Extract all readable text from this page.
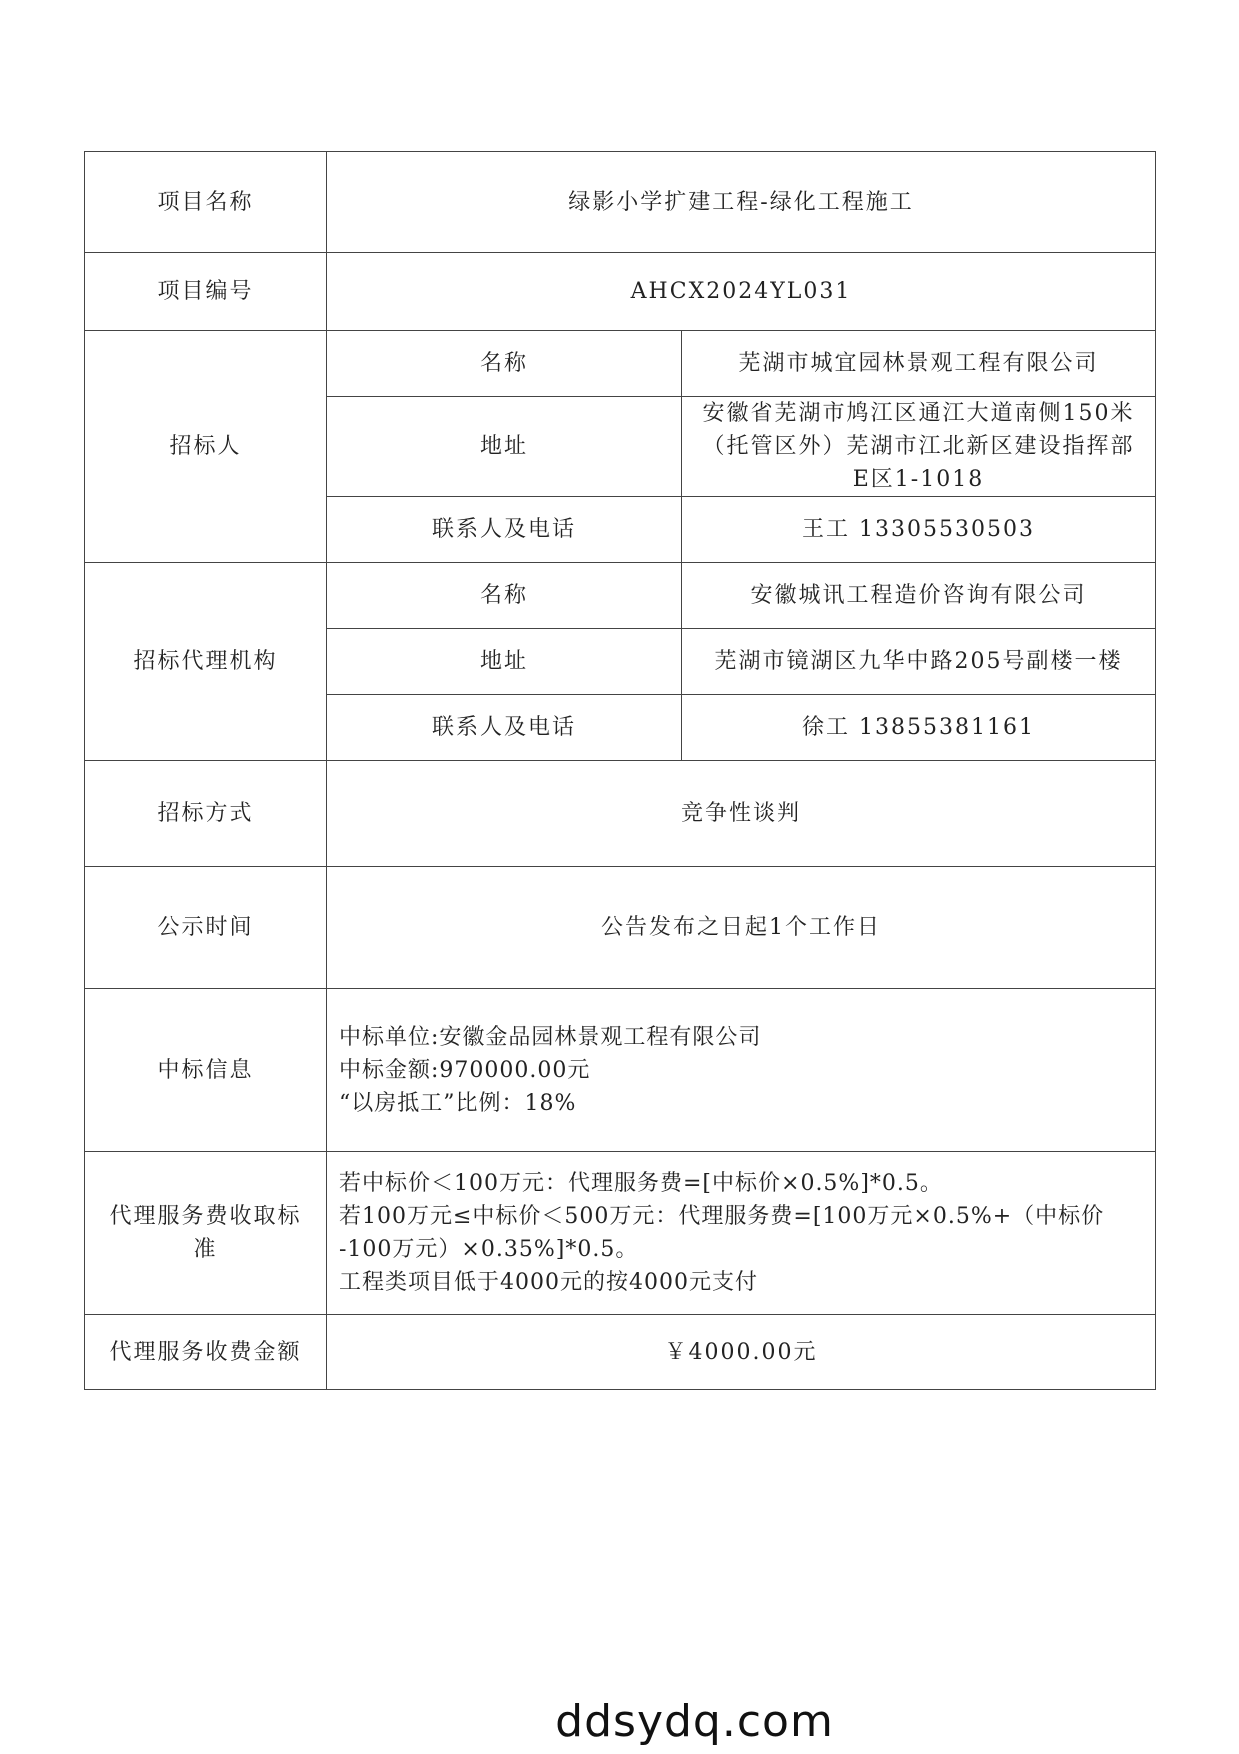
项目名称	绿影小学扩建工程-绿化工程施工	
项目编号	AHCX2024YL031	
招标人	名称	芜湖市城宜园林景观工程有限公司
	地址	安徽省芜湖市鸠江区通江大道南侧150米
（托管区外）芜湖市江北新区建设指挥部
E区1-1018

	联系人及电话	王工 13305530503
招标代理机构	名称	安徽城讯工程造价咨询有限公司
	地址	芜湖市镜湖区九华中路205号副楼一楼
	联系人及电话	徐工 13855381161
招标方式	竞争性谈判	
公示时间	公告发布之日起1个工作日	
中标信息	中标单位:安徽金品园林景观工程有限公司
中标金额:970000.00元
“以房抵工”比例：18%	

代理服务费收取标
准	若中标价＜100万元：代理服务费=[中标价×0.5%]*0.5。
若100万元≤中标价＜500万元：代理服务费=[100万元×0.5%+（中标价
-100万元）×0.35%]*0.5。
工程类项目低于4000元的按4000元支付	

代理服务收费金额	￥4000.00元	
ddsydq.com
